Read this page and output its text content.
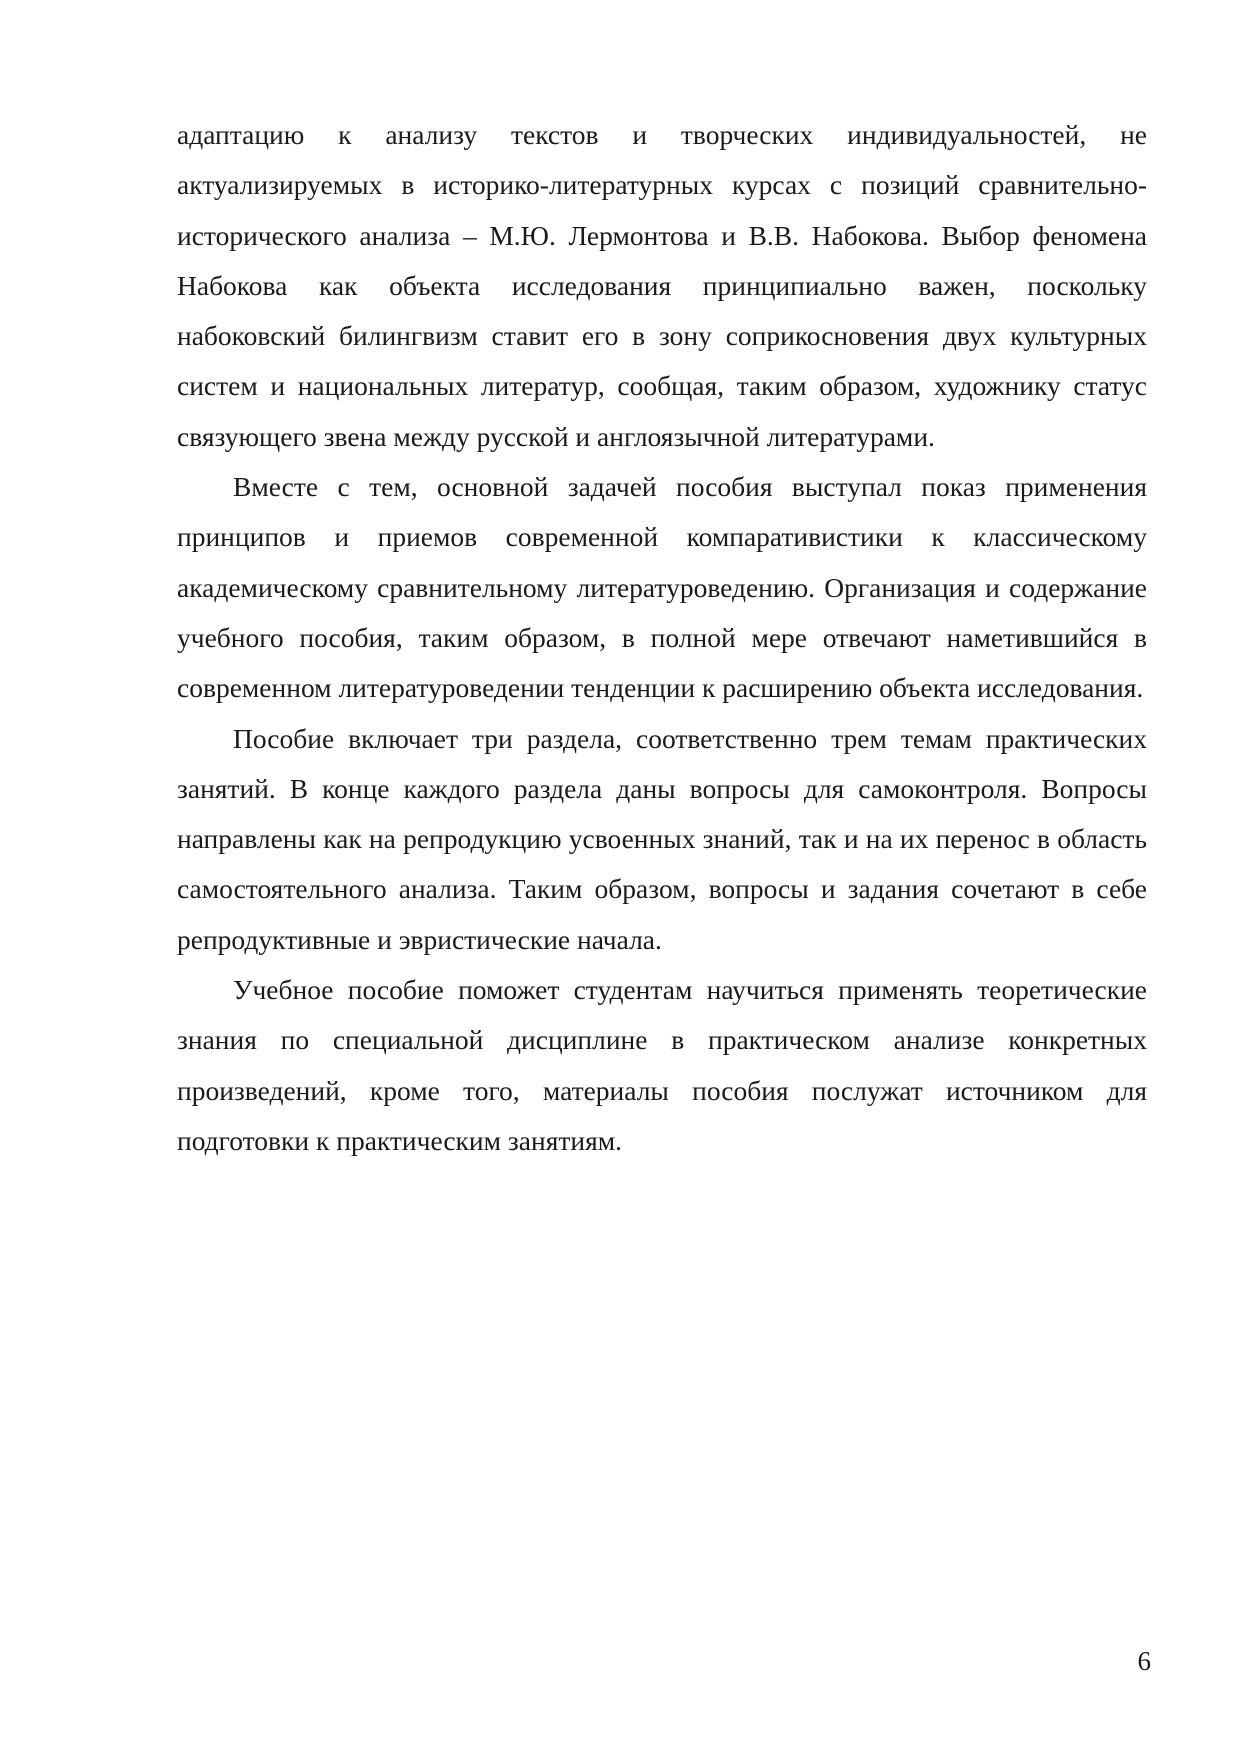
адаптацию к анализу текстов и творческих индивидуальностей, не актуализируемых в историко-литературных курсах с позиций сравнительно-исторического анализа – М.Ю. Лермонтова и В.В. Набокова. Выбор феномена Набокова как объекта исследования принципиально важен, поскольку набоковский билингвизм ставит его в зону соприкосновения двух культурных систем и национальных литератур, сообщая, таким образом, художнику статус связующего звена между русской и англоязычной литературами.

Вместе с тем, основной задачей пособия выступал показ применения принципов и приемов современной компаративистики к классическому академическому сравнительному литературоведению. Организация и содержание учебного пособия, таким образом, в полной мере отвечают наметившийся в современном литературоведении тенденции к расширению объекта исследования.

Пособие включает три раздела, соответственно трем темам практических занятий. В конце каждого раздела даны вопросы для самоконтроля. Вопросы направлены как на репродукцию усвоенных знаний, так и на их перенос в область самостоятельного анализа. Таким образом, вопросы и задания сочетают в себе репродуктивные и эвристические начала.

Учебное пособие поможет студентам научиться применять теоретические знания по специальной дисциплине в практическом анализе конкретных произведений, кроме того, материалы пособия послужат источником для подготовки к практическим занятиям.

6
